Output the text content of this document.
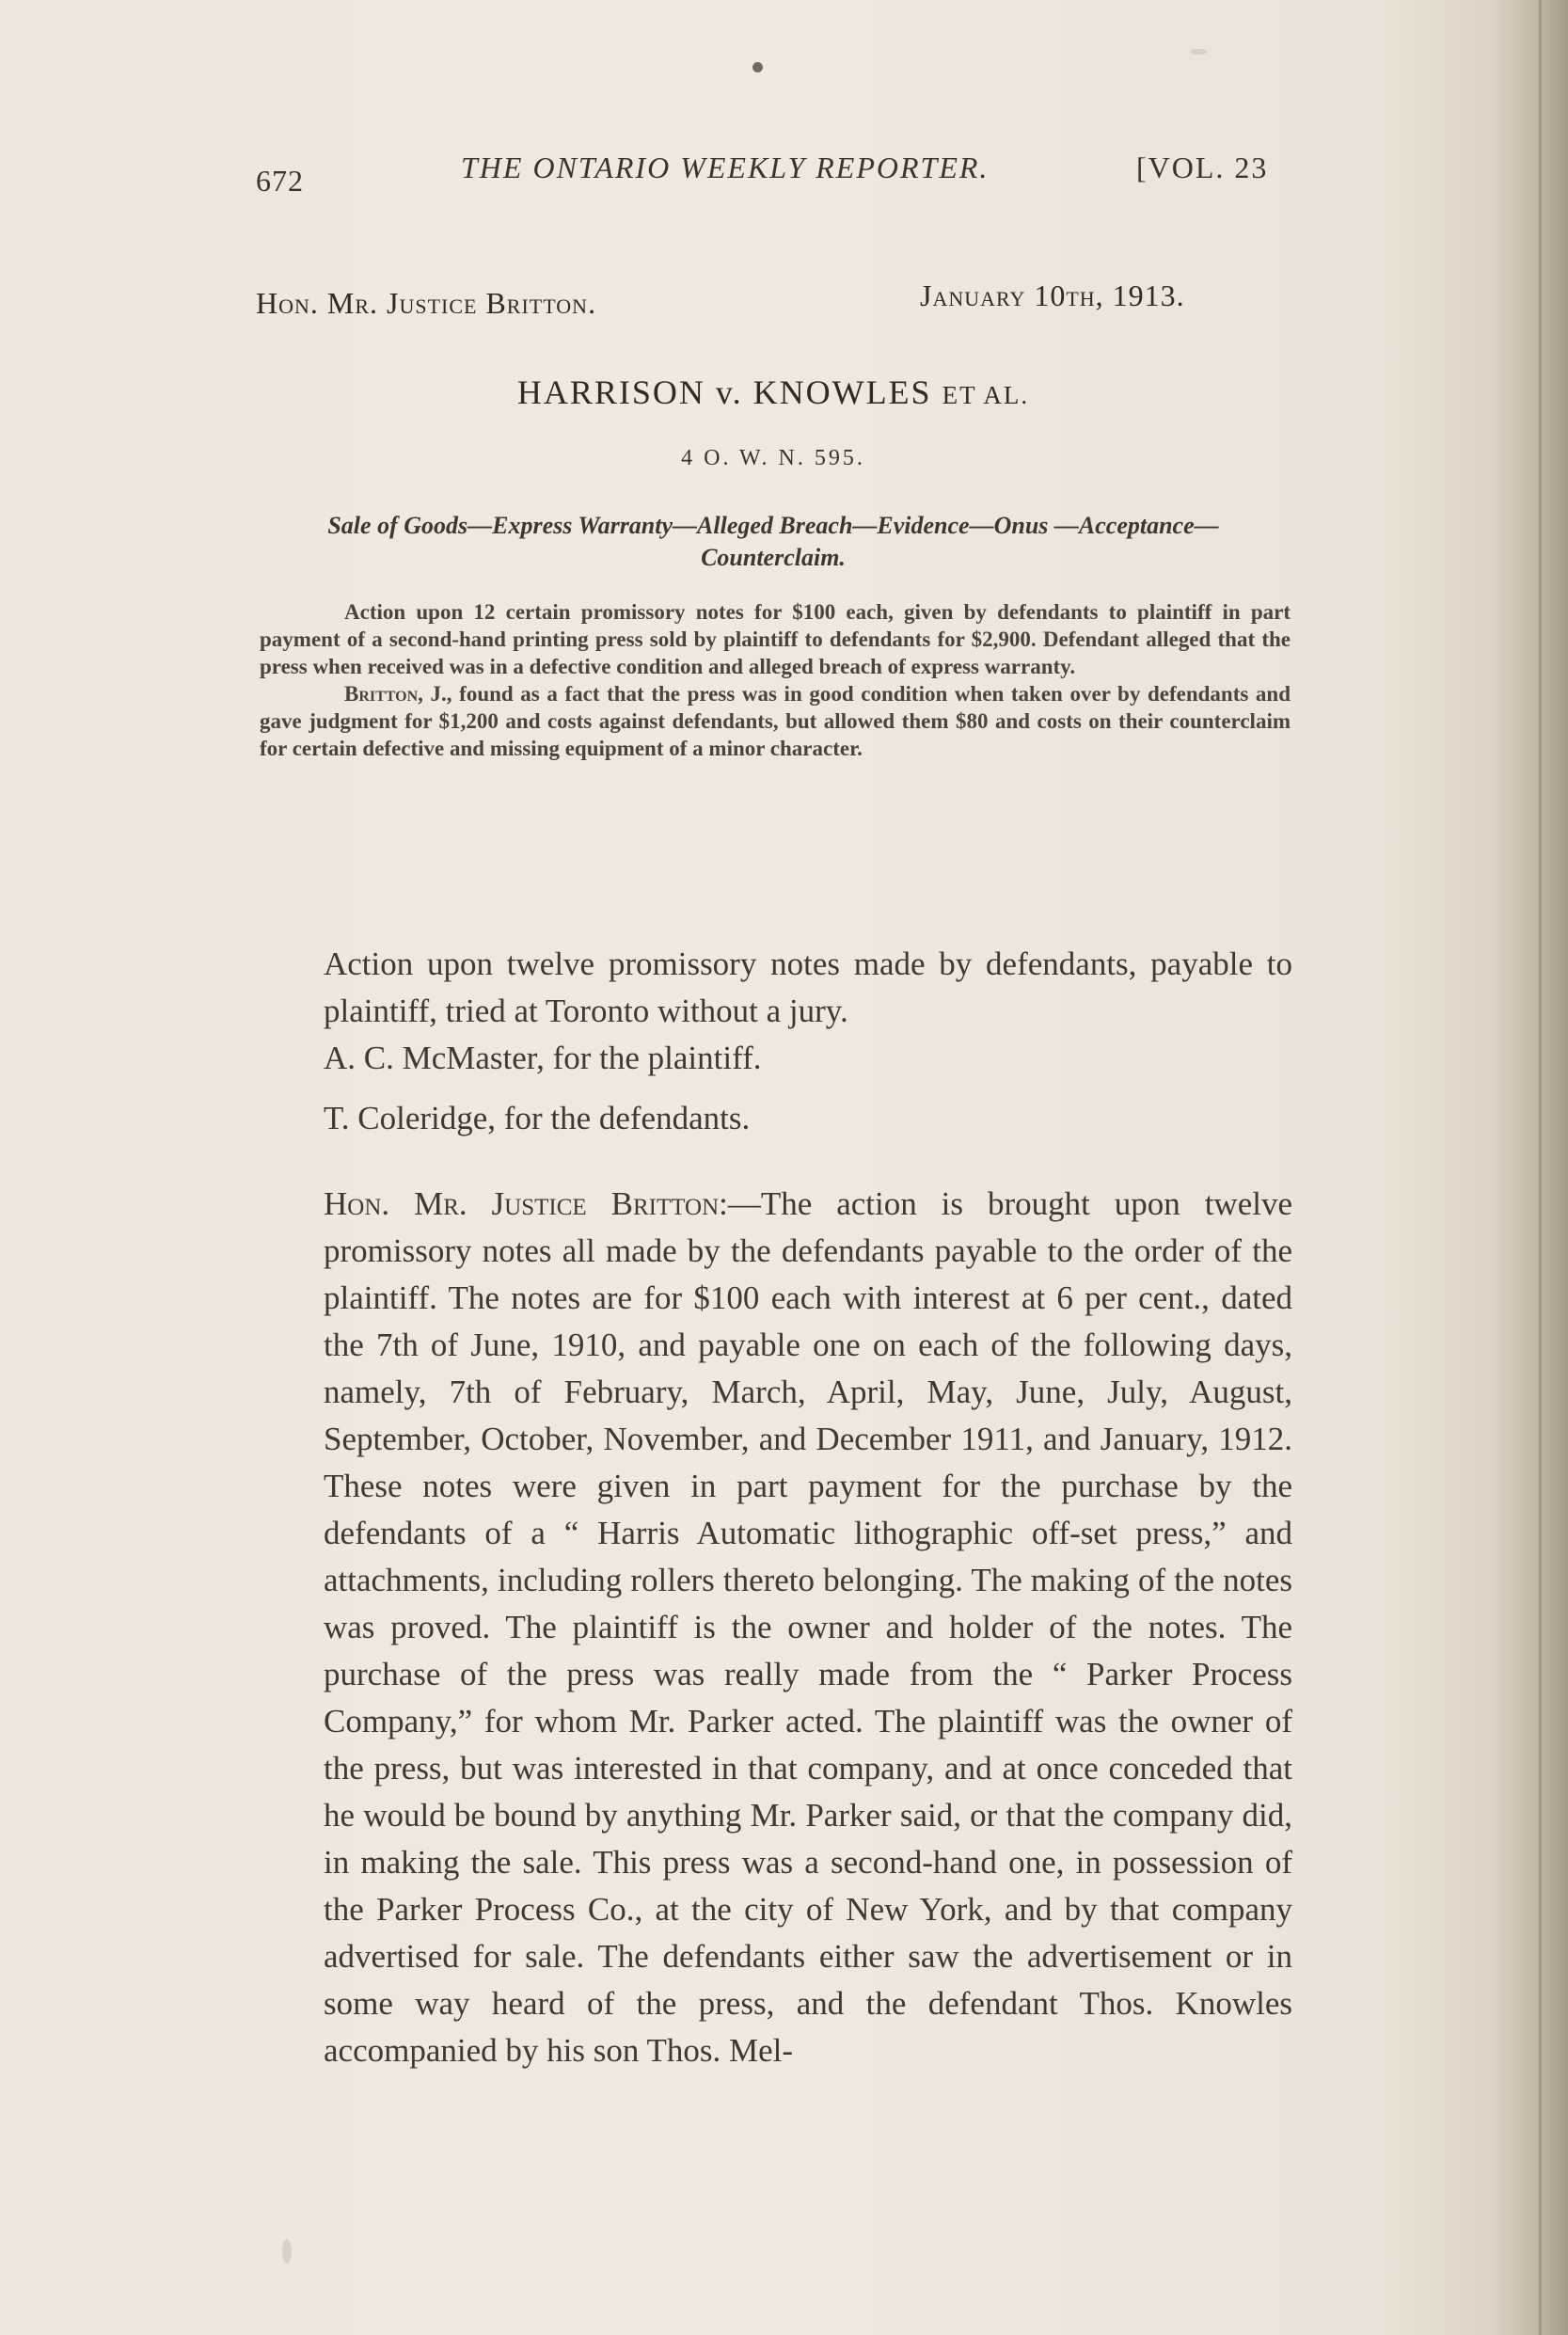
672	THE ONTARIO WEEKLY REPORTER.	[VOL. 23
Hon. Mr. Justice Britton.	January 10th, 1913.
HARRISON v. KNOWLES ET AL.
4 O. W. N. 595.
Sale of Goods—Express Warranty—Alleged Breach—Evidence—Onus —Acceptance—Counterclaim.

Action upon 12 certain promissory notes for $100 each, given by defendants to plaintiff in part payment of a second-hand printing press sold by plaintiff to defendants for $2,900. Defendant alleged that the press when received was in a defective condition and alleged breach of express warranty.

Britton, J., found as a fact that the press was in good condition when taken over by defendants and gave judgment for $1,200 and costs against defendants, but allowed them $80 and costs on their counterclaim for certain defective and missing equipment of a minor character.

Action upon twelve promissory notes made by defendants, payable to plaintiff, tried at Toronto without a jury.

A. C. McMaster, for the plaintiff.

T. Coleridge, for the defendants.

Hon. Mr. Justice Britton:—The action is brought upon twelve promissory notes all made by the defendants payable to the order of the plaintiff. The notes are for $100 each with interest at 6 per cent., dated the 7th of June, 1910, and payable one on each of the following days, namely, 7th of February, March, April, May, June, July, August, September, October, November, and December 1911, and January, 1912. These notes were given in part payment for the purchase by the defendants of a “ Harris Automatic lithographic off-set press,” and attachments, including rollers thereto belonging. The making of the notes was proved. The plaintiff is the owner and holder of the notes. The purchase of the press was really made from the “ Parker Process Company,” for whom Mr. Parker acted. The plaintiff was the owner of the press, but was interested in that company, and at once conceded that he would be bound by anything Mr. Parker said, or that the company did, in making the sale. This press was a second-hand one, in possession of the Parker Process Co., at the city of New York, and by that company advertised for sale. The defendants either saw the advertisement or in some way heard of the press, and the defendant Thos. Knowles accompanied by his son Thos. Mel-
